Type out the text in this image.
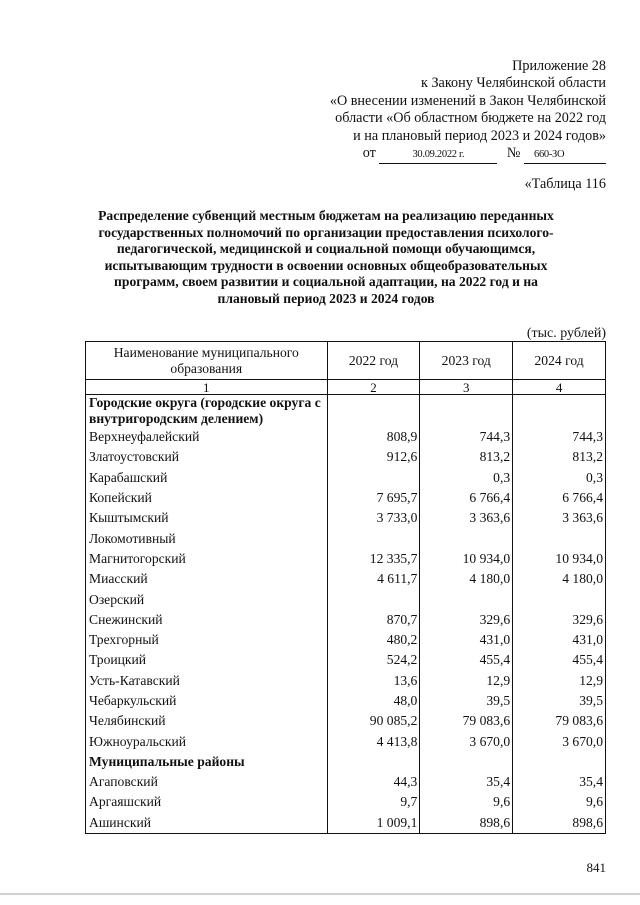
Приложение 28
к Закону Челябинской области
«О внесении изменений в Закон Челябинской
области «Об областном бюджете на 2022 год
и на плановый период 2023 и 2024 годов»
от	30.09.2022 г.	№ 660-ЗО
«Таблица 116
Распределение субвенций местным бюджетам на реализацию переданных государственных полномочий по организации предоставления психолого-педагогической, медицинской и социальной помощи обучающимся, испытывающим трудности в освоении основных общеобразовательных программ, своем развитии и социальной адаптации, на 2022 год и на плановый период 2023 и 2024 годов
(тыс. рублей)
Наименование муниципального образования	2022 год	2023 год	2024 год
1	2	3	4
Городские округа (городские округа с внутригородским делением)			
Верхнеуфалейский	808,9	744,3	744,3
Златоустовский	912,6	813,2	813,2
Карабашский		0,3	0,3
Копейский	7 695,7	6 766,4	6 766,4
Кыштымский	3 733,0	3 363,6	3 363,6
Локомотивный			
Магнитогорский	12 335,7	10 934,0	10 934,0
Миасский	4 611,7	4 180,0	4 180,0
Озерский			
Снежинский	870,7	329,6	329,6
Трехгорный	480,2	431,0	431,0
Троицкий	524,2	455,4	455,4
Усть-Катавский	13,6	12,9	12,9
Чебаркульский	48,0	39,5	39,5
Челябинский	90 085,2	79 083,6	79 083,6
Южноуральский	4 413,8	3 670,0	3 670,0
Муниципальные районы			
Агаповский	44,3	35,4	35,4
Аргаяшский	9,7	9,6	9,6
Ашинский	1 009,1	898,6	898,6
841
